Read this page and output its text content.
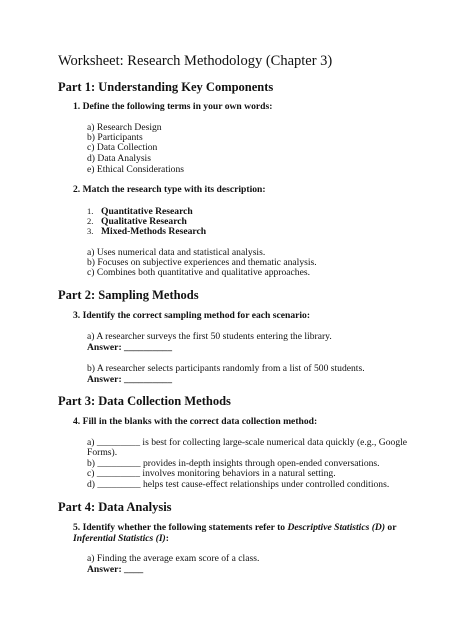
Worksheet: Research Methodology (Chapter 3)
Part 1: Understanding Key Components
1. Define the following terms in your own words:
a) Research Design
b) Participants
c) Data Collection
d) Data Analysis
e) Ethical Considerations
2. Match the research type with its description:
1. Quantitative Research
2. Qualitative Research
3. Mixed-Methods Research
a) Uses numerical data and statistical analysis.
b) Focuses on subjective experiences and thematic analysis.
c) Combines both quantitative and qualitative approaches.
Part 2: Sampling Methods
3. Identify the correct sampling method for each scenario:
a) A researcher surveys the first 50 students entering the library.
Answer: __________
b) A researcher selects participants randomly from a list of 500 students.
Answer: __________
Part 3: Data Collection Methods
4. Fill in the blanks with the correct data collection method:
a) _________ is best for collecting large-scale numerical data quickly (e.g., Google
Forms).
b) _________ provides in-depth insights through open-ended conversations.
c) _________ involves monitoring behaviors in a natural setting.
d) _________ helps test cause-effect relationships under controlled conditions.
Part 4: Data Analysis
5. Identify whether the following statements refer to Descriptive Statistics (D) or
Inferential Statistics (I):
a) Finding the average exam score of a class.
Answer: ____
